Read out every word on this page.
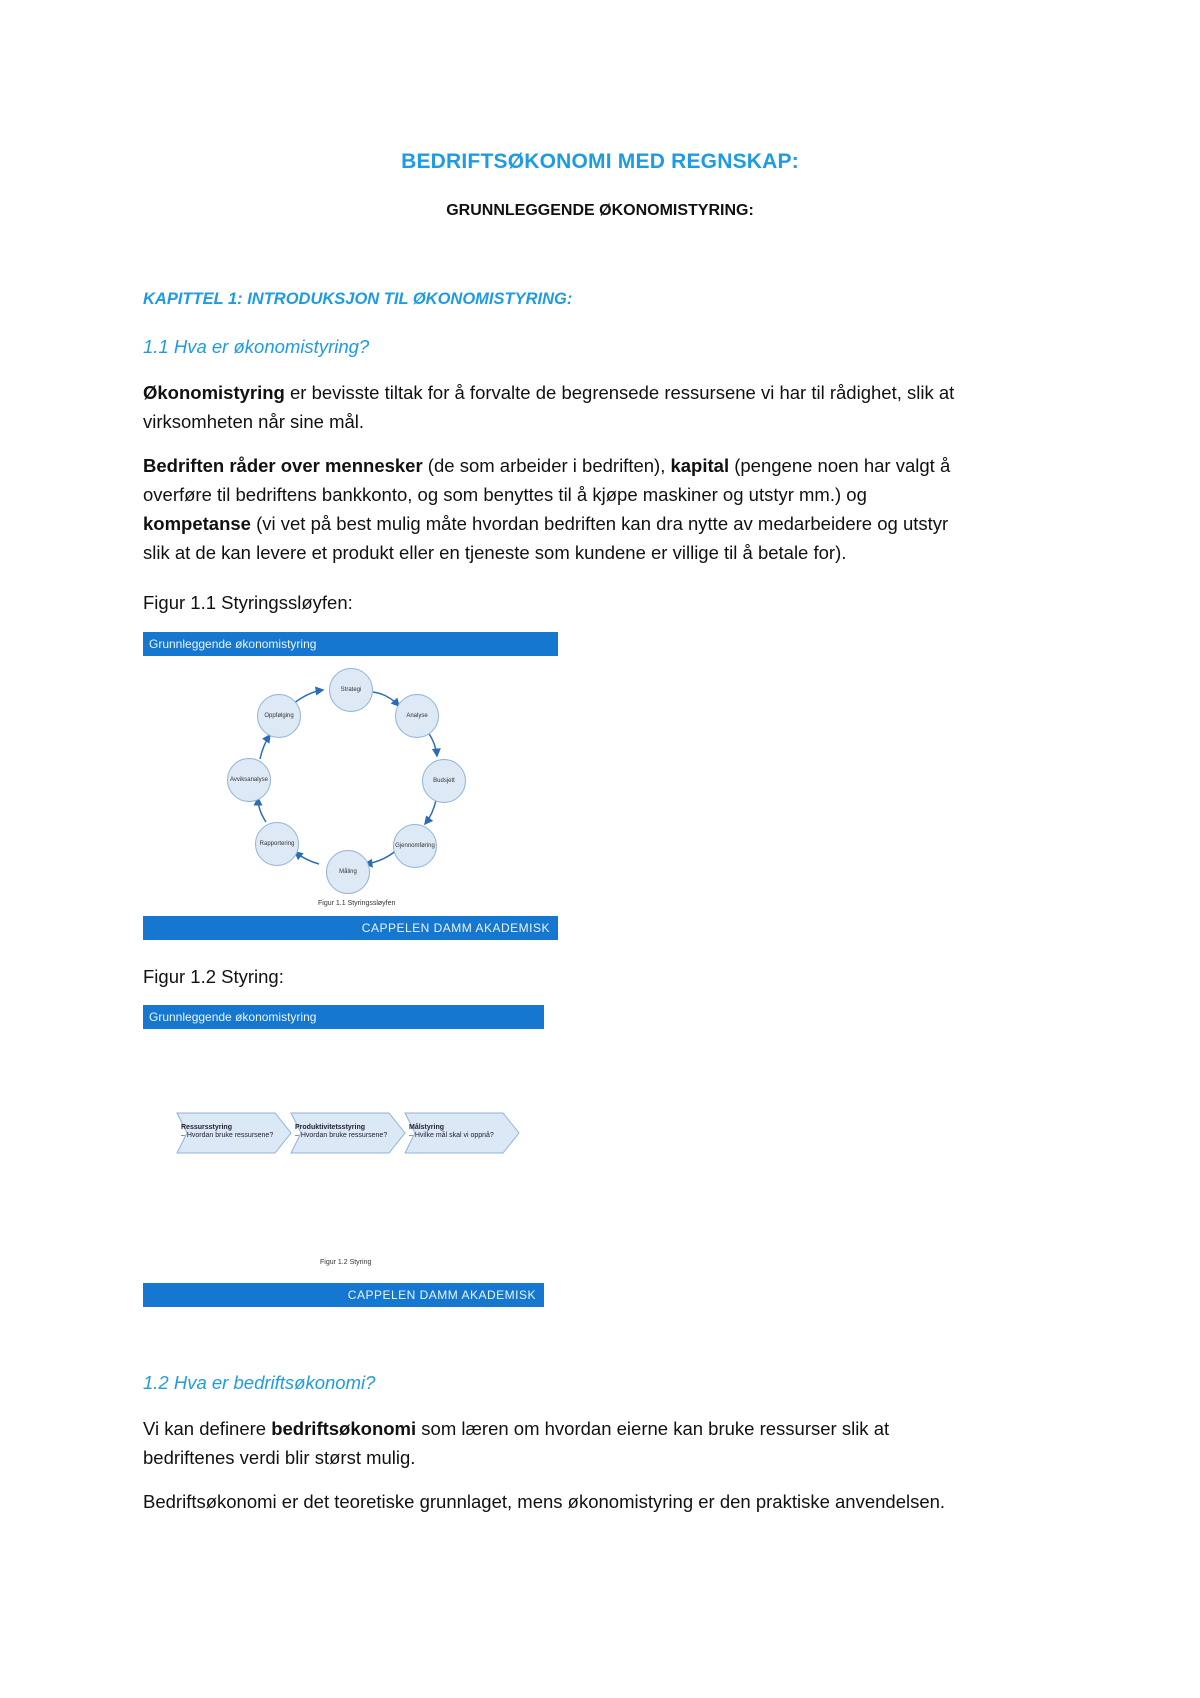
BEDRIFTSØKONOMI MED REGNSKAP:
GRUNNLEGGENDE ØKONOMISTYRING:
KAPITTEL 1: INTRODUKSJON TIL ØKONOMISTYRING:
1.1 Hva er økonomistyring?
Økonomistyring er bevisste tiltak for å forvalte de begrensede ressursene vi har til rådighet, slik at
virksomheten når sine mål.
Bedriften råder over mennesker (de som arbeider i bedriften), kapital (pengene noen har valgt å
overføre til bedriftens bankkonto, og som benyttes til å kjøpe maskiner og utstyr mm.) og
kompetanse (vi vet på best mulig måte hvordan bedriften kan dra nytte av medarbeidere og utstyr
slik at de kan levere et produkt eller en tjeneste som kundene er villige til å betale for).
Figur 1.1 Styringssløyfen:
Grunnleggende økonomistyring
Strategi
Analyse
Budsjett
Gjennomføring
Måling
Rapportering
Avviksanalyse
Oppfølging
Figur 1.1 Styringssløyfen
CAPPELEN DAMM AKADEMISK
Figur 1.2 Styring:
Grunnleggende økonomistyring
Ressursstyring
– Hvordan bruke ressursene?
Produktivitetsstyring
– Hvordan bruke ressursene?
Målstyring
– Hvilke mål skal vi oppnå?
Figur 1.2 Styring
CAPPELEN DAMM AKADEMISK
1.2 Hva er bedriftsøkonomi?
Vi kan definere bedriftsøkonomi som læren om hvordan eierne kan bruke ressurser slik at
bedriftenes verdi blir størst mulig.
Bedriftsøkonomi er det teoretiske grunnlaget, mens økonomistyring er den praktiske anvendelsen.
